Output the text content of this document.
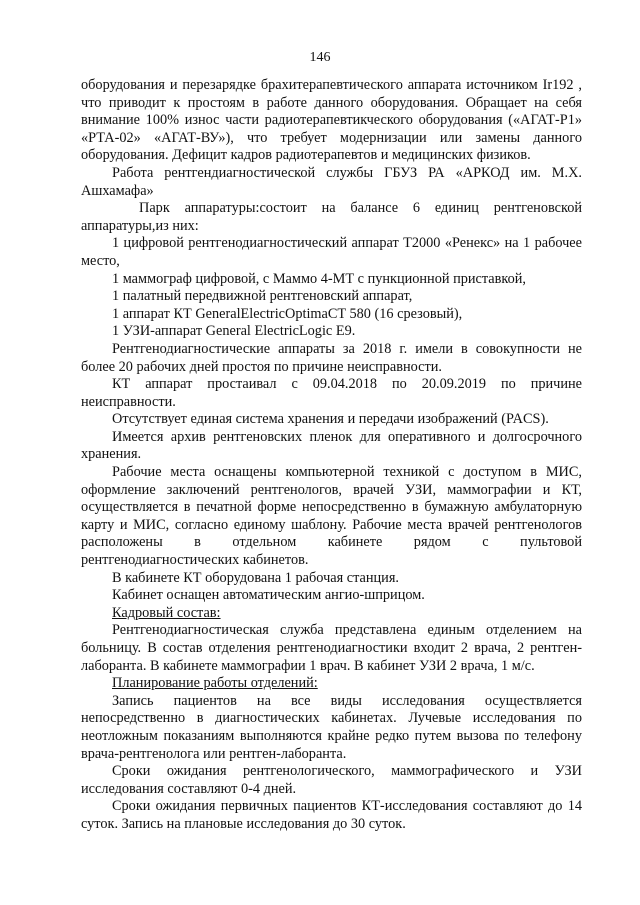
146

оборудования и перезарядке брахитерапевтического аппарата источником Ir192 , что приводит к простоям в работе данного оборудования. Обращает на себя внимание 100% износ части радиотерапевтикческого оборудования («АГАТ-Р1» «РТА-02» «АГАТ-ВУ»), что требует модернизации или замены данного оборудования. Дефицит кадров радиотерапевтов и медицинских физиков.

Работа рентгендиагностической службы ГБУЗ РА «АРКОД им. М.Х. Ашхамафа»

Парк аппаратуры:состоит на балансе 6 единиц рентгеновской аппаратуры,из них:

1 цифровой рентгенодиагностический аппарат Т2000 «Ренекс» на 1 рабочее место,

1 маммограф цифровой, с Маммо 4-МТ с пункционной приставкой,

1 палатный передвижной рентгеновский аппарат,

1 аппарат КТ GeneralElectricOptimaCT 580 (16 срезовый),

1 УЗИ-аппарат General ElectricLogic E9.

Рентгенодиагностические аппараты за 2018 г. имели в совокупности не более 20 рабочих дней простоя по причине неисправности.

КТ аппарат простаивал с 09.04.2018 по 20.09.2019 по причине неисправности.

Отсутствует единая система хранения и передачи изображений (PACS).

Имеется архив рентгеновских пленок для оперативного и долгосрочного хранения.

Рабочие места оснащены компьютерной техникой с доступом в МИС, оформление заключений рентгенологов, врачей УЗИ, маммографии и КТ, осуществляется в печатной форме непосредственно в бумажную амбулаторную карту и МИС, согласно единому шаблону. Рабочие места врачей рентгенологов расположены в отдельном кабинете рядом с пультовой

рентгенодиагностических кабинетов.

В кабинете КТ оборудована 1 рабочая станция.

Кабинет оснащен автоматическим ангио-шприцом.

Кадровый состав:

Рентгенодиагностическая служба представлена единым отделением на больницу. В состав отделения рентгенодиагностики входит 2 врача, 2 рентген-лаборанта. В кабинете маммографии 1 врач. В кабинет УЗИ 2 врача, 1 м/с.

Планирование работы отделений:

Запись пациентов на все виды исследования осуществляется непосредственно в диагностических кабинетах. Лучевые исследования по неотложным показаниям выполняются крайне редко путем вызова по телефону врача-рентгенолога или рентген-лаборанта.

Сроки ожидания рентгенологического, маммографического и УЗИ исследования составляют 0-4 дней.

Сроки ожидания первичных пациентов КТ-исследования составляют до 14 суток. Запись на плановые исследования до 30 суток.
